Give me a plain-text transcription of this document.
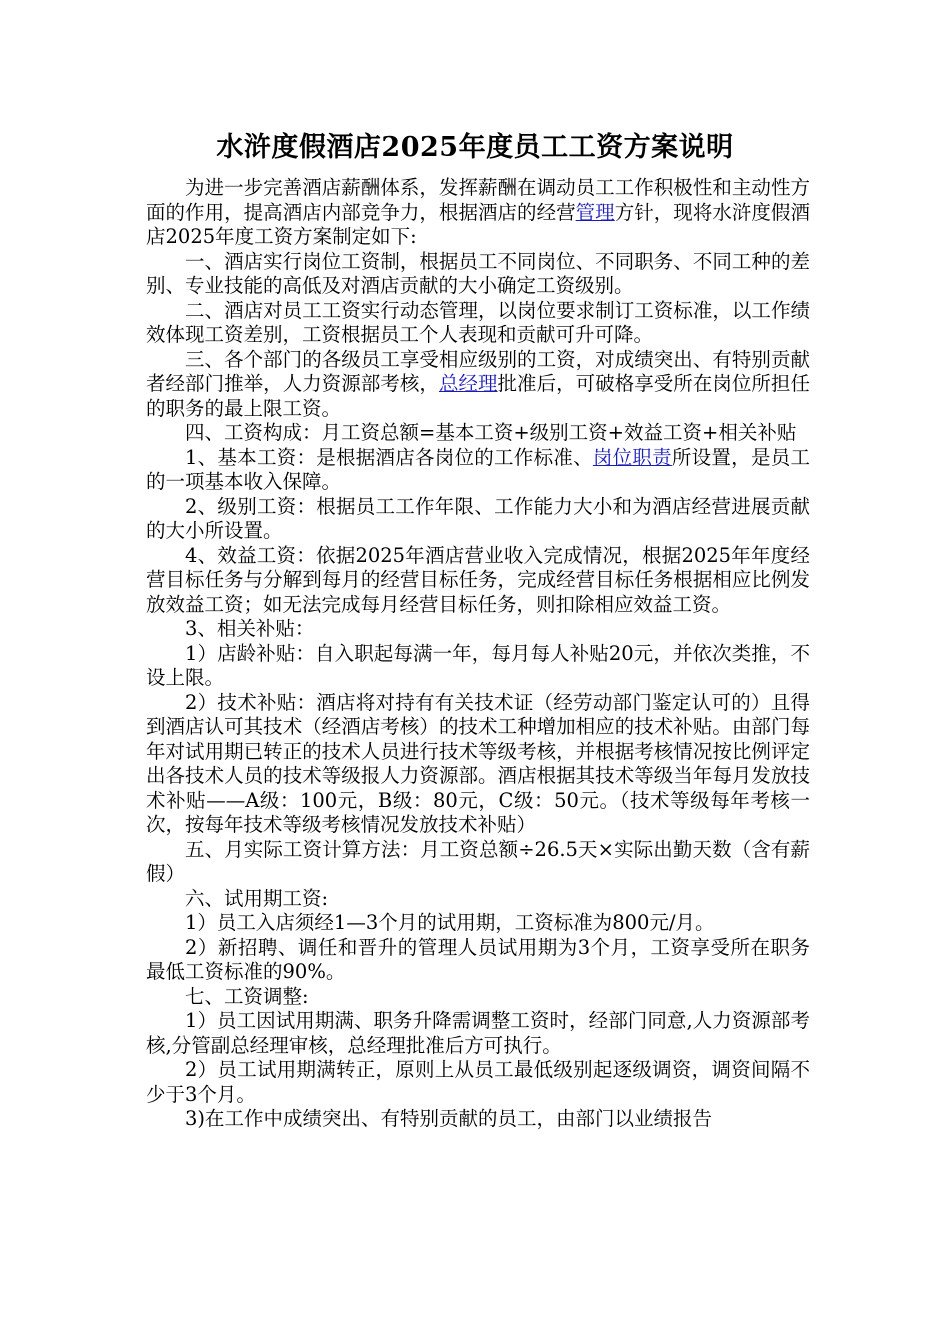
水浒度假酒店2025年度员工工资方案说明

为进一步完善酒店薪酬体系，发挥薪酬在调动员工工作积极性和主动性方面的作用，提高酒店内部竞争力，根据酒店的经营管理方针，现将水浒度假酒店2025年度工资方案制定如下:

一、酒店实行岗位工资制，根据员工不同岗位、不同职务、不同工种的差别、专业技能的高低及对酒店贡献的大小确定工资级别。

二、酒店对员工工资实行动态管理，以岗位要求制订工资标准，以工作绩效体现工资差别，工资根据员工个人表现和贡献可升可降。

三、各个部门的各级员工享受相应级别的工资，对成绩突出、有特别贡献者经部门推举，人力资源部考核，总经理批准后，可破格享受所在岗位所担任的职务的最上限工资。

四、工资构成：月工资总额=基本工资+级别工资+效益工资+相关补贴

1、基本工资：是根据酒店各岗位的工作标准、岗位职责所设置，是员工的一项基本收入保障。

2、级别工资：根据员工工作年限、工作能力大小和为酒店经营进展贡献的大小所设置。

4、效益工资：依据2025年酒店营业收入完成情况，根据2025年年度经营目标任务与分解到每月的经营目标任务，完成经营目标任务根据相应比例发放效益工资；如无法完成每月经营目标任务，则扣除相应效益工资。

3、相关补贴：

1）店龄补贴：自入职起每满一年，每月每人补贴20元，并依次类推，不设上限。

2）技术补贴：酒店将对持有有关技术证（经劳动部门鉴定认可的）且得到酒店认可其技术（经酒店考核）的技术工种增加相应的技术补贴。由部门每年对试用期已转正的技术人员进行技术等级考核，并根据考核情况按比例评定出各技术人员的技术等级报人力资源部。酒店根据其技术等级当年每月发放技术补贴——A级：100元，B级：80元，C级：50元。（技术等级每年考核一次，按每年技术等级考核情况发放技术补贴）

五、月实际工资计算方法：月工资总额÷26.5天×实际出勤天数（含有薪假）

六、试用期工资:

1）员工入店须经1—3个月的试用期，工资标准为800元/月。

2）新招聘、调任和晋升的管理人员试用期为3个月，工资享受所在职务最低工资标准的90%。

七、工资调整:

1）员工因试用期满、职务升降需调整工资时，经部门同意,人力资源部考核,分管副总经理审核，总经理批准后方可执行。

2）员工试用期满转正，原则上从员工最低级别起逐级调资，调资间隔不少于3个月。

3)在工作中成绩突出、有特别贡献的员工，由部门以业绩报告
